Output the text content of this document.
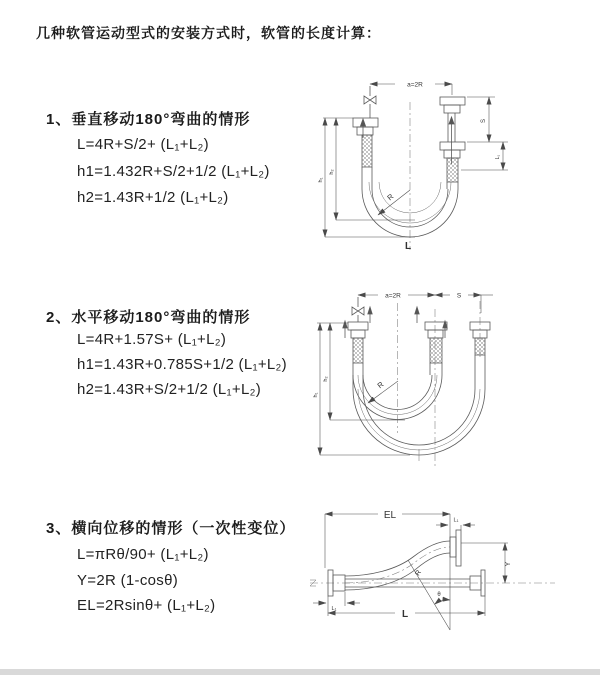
几种软管运动型式的安装方式时，软管的长度计算：
1、垂直移动180°弯曲的情形
L=4R+S/2+ (L₁+L₂)
h1=1.432R+S/2+1/2 (L₁+L₂)
h2=1.43R+1/2 (L₁+L₂)
a=2R
S
L₁
h₁
h₂
R
L
2、水平移动180°弯曲的情形
L=4R+1.57S+ (L₁+L₂)
h1=1.43R+0.785S+1/2 (L₁+L₂)
h2=1.43R+S/2+1/2 (L₁+L₂)
a=2R	S
h₁
h₂
R
3、横向位移的情形（一次性变位）
L=πRθ/90+ (L₁+L₂)
Y=2R (1-cosθ)
EL=2Rsinθ+ (L₁+L₂)
EL	L₁
Y
R
θ
L
L₁
